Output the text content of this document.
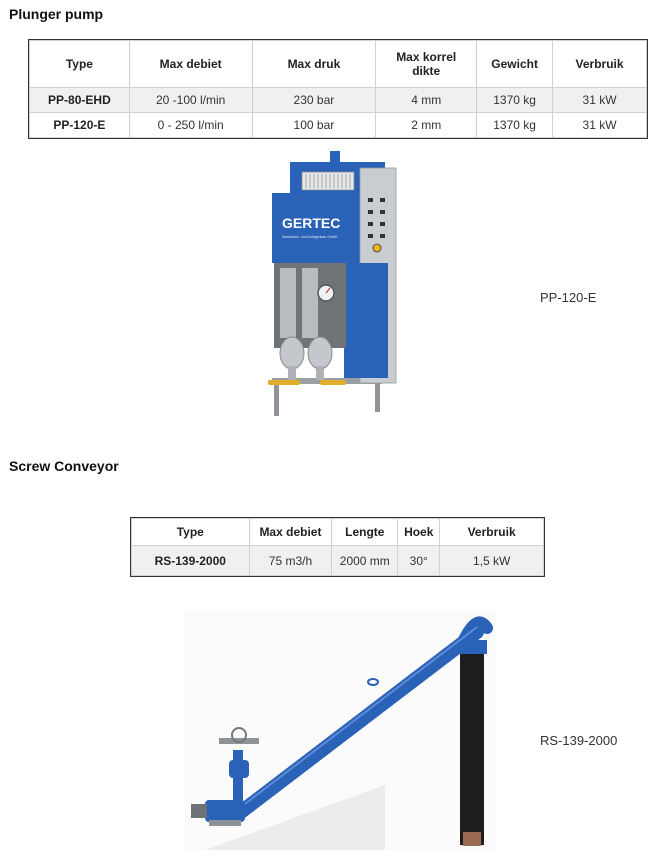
Plunger pump
Type	Max debiet	Max druk	Max korrel dikte	Gewicht	Verbruik
PP-80-EHD	20 -100 l/min	230 bar	4 mm	1370 kg	31 kW
PP-120-E	0 - 250 l/min	100 bar	2 mm	1370 kg	31 kW
GERTEC
Maschinen- und Anlagenbau GmbH
PP-120-E
Screw Conveyor
Type	Max debiet	Lengte	Hoek	Verbruik
RS-139-2000	75 m3/h	2000 mm	30°	1,5 kW
RS-139-2000
